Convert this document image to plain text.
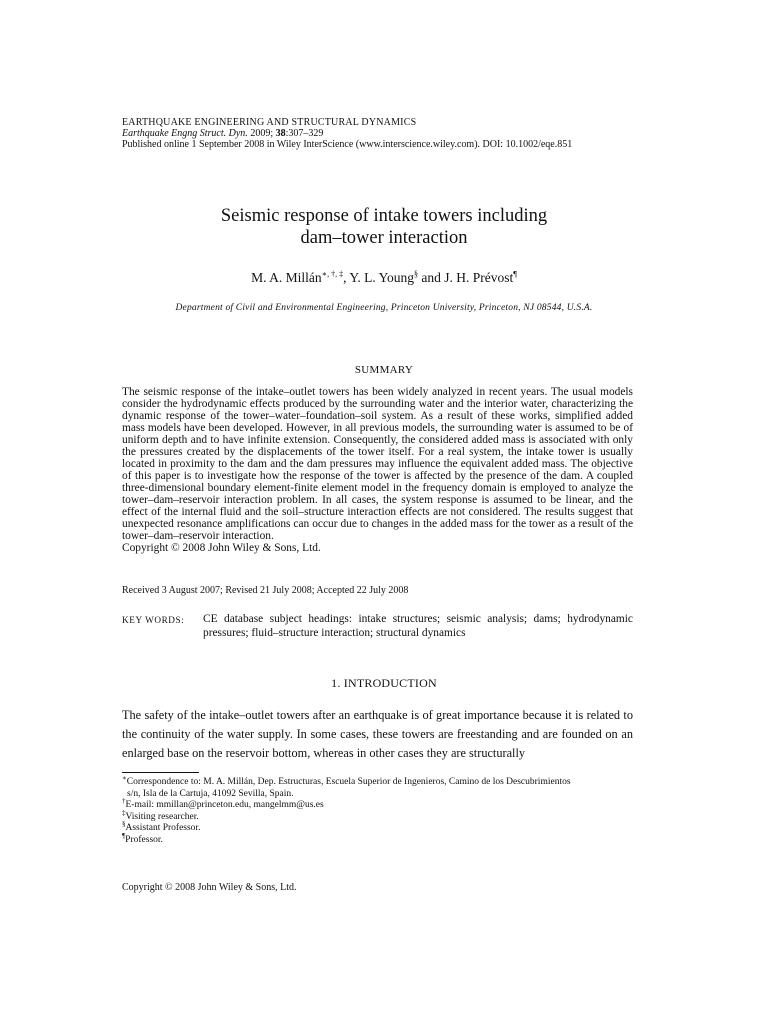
EARTHQUAKE ENGINEERING AND STRUCTURAL DYNAMICS
Earthquake Engng Struct. Dyn. 2009; 38:307–329
Published online 1 September 2008 in Wiley InterScience (www.interscience.wiley.com). DOI: 10.1002/eqe.851
Seismic response of intake towers including
dam–tower interaction
M. A. Millán∗, †, ‡, Y. L. Young§ and J. H. Prévost¶
Department of Civil and Environmental Engineering, Princeton University, Princeton, NJ 08544, U.S.A.
SUMMARY
The seismic response of the intake–outlet towers has been widely analyzed in recent years. The usual models consider the hydrodynamic effects produced by the surrounding water and the interior water, characterizing the dynamic response of the tower–water–foundation–soil system. As a result of these works, simplified added mass models have been developed. However, in all previous models, the surrounding water is assumed to be of uniform depth and to have infinite extension. Consequently, the considered added mass is associated with only the pressures created by the displacements of the tower itself. For a real system, the intake tower is usually located in proximity to the dam and the dam pressures may influence the equivalent added mass. The objective of this paper is to investigate how the response of the tower is affected by the presence of the dam. A coupled three-dimensional boundary element-finite element model in the frequency domain is employed to analyze the tower–dam–reservoir interaction problem. In all cases, the system response is assumed to be linear, and the effect of the internal fluid and the soil–structure interaction effects are not considered. The results suggest that unexpected resonance amplifications can occur due to changes in the added mass for the tower as a result of the tower–dam–reservoir interaction.
Copyright © 2008 John Wiley & Sons, Ltd.
Received 3 August 2007; Revised 21 July 2008; Accepted 22 July 2008
KEY WORDS: CE database subject headings: intake structures; seismic analysis; dams; hydrodynamic pressures; fluid–structure interaction; structural dynamics
1. INTRODUCTION
The safety of the intake–outlet towers after an earthquake is of great importance because it is related to the continuity of the water supply. In some cases, these towers are freestanding and are founded on an enlarged base on the reservoir bottom, whereas in other cases they are structurally

∗Correspondence to: M. A. Millán, Dep. Estructuras, Escuela Superior de Ingenieros, Camino de los Descubrimientos

s/n, Isla de la Cartuja, 41092 Sevilla, Spain.

†E-mail: mmillan@princeton.edu, mangelmm@us.es

‡Visiting researcher.

§Assistant Professor.

¶Professor.

Copyright © 2008 John Wiley & Sons, Ltd.
